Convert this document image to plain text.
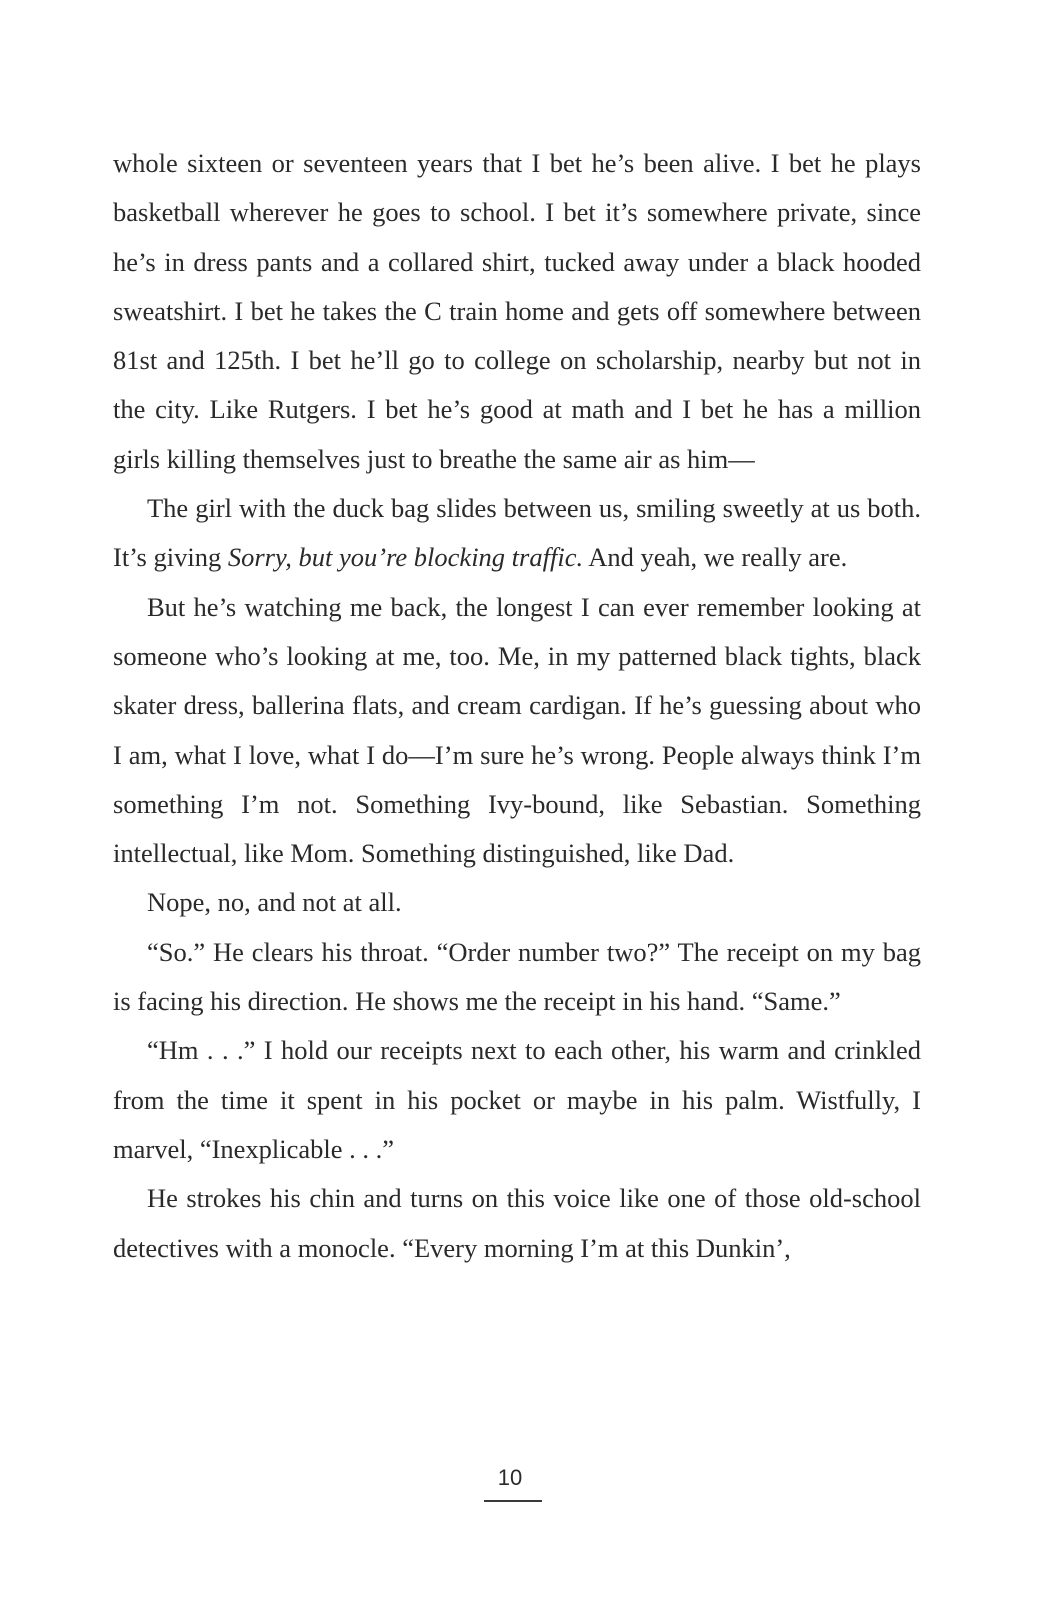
whole sixteen or seventeen years that I bet he’s been alive. I bet he plays basketball wherever he goes to school. I bet it’s somewhere private, since he’s in dress pants and a collared shirt, tucked away under a black hooded sweatshirt. I bet he takes the C train home and gets off somewhere between 81st and 125th. I bet he’ll go to college on scholarship, nearby but not in the city. Like Rutgers. I bet he’s good at math and I bet he has a million girls killing themselves just to breathe the same air as him—

The girl with the duck bag slides between us, smiling sweetly at us both. It’s giving Sorry, but you’re blocking traffic. And yeah, we really are.

But he’s watching me back, the longest I can ever remember looking at someone who’s looking at me, too. Me, in my patterned black tights, black skater dress, ballerina flats, and cream cardigan. If he’s guessing about who I am, what I love, what I do—I’m sure he’s wrong. People always think I’m something I’m not. Something Ivy-bound, like Sebastian. Something intellectual, like Mom. Something distinguished, like Dad.

Nope, no, and not at all.

“So.” He clears his throat. “Order number two?” The receipt on my bag is facing his direction. He shows me the receipt in his hand. “Same.”

“Hm . . .” I hold our receipts next to each other, his warm and crinkled from the time it spent in his pocket or maybe in his palm. Wistfully, I marvel, “Inexplicable . . .”

He strokes his chin and turns on this voice like one of those old-school detectives with a monocle. “Every morning I’m at this Dunkin’,

10
